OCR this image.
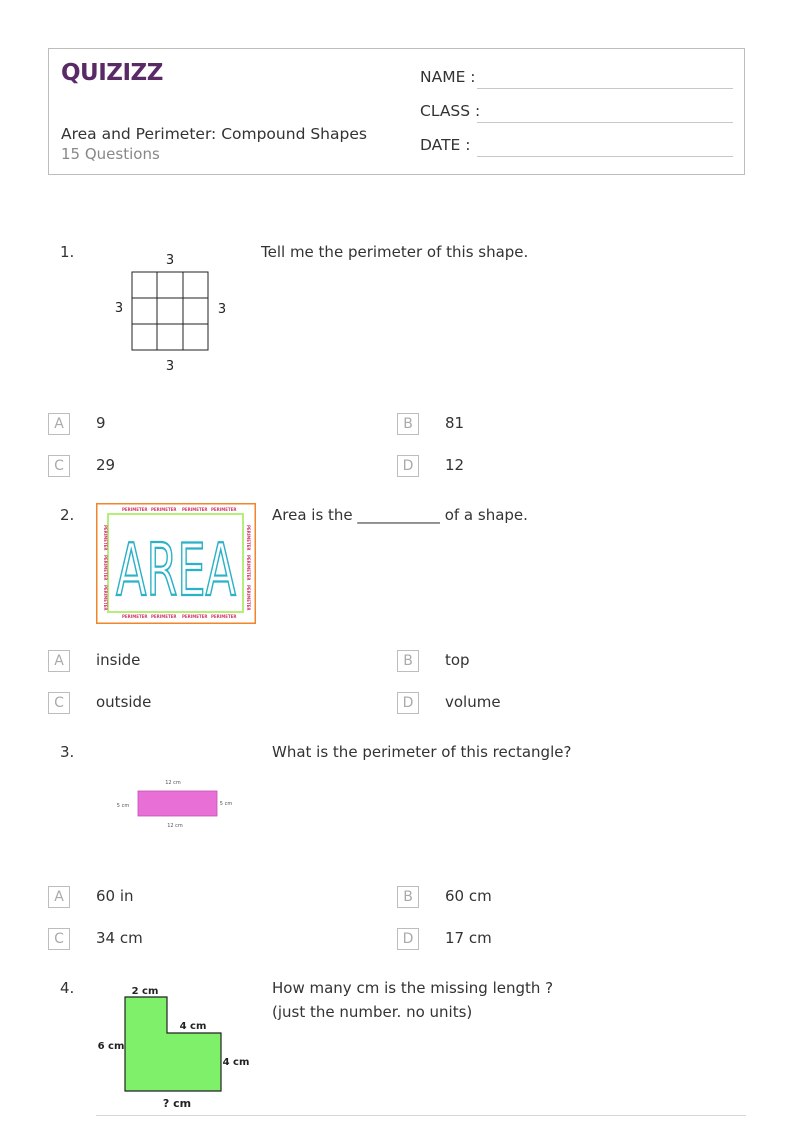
QUIZIZZ
Area and Perimeter: Compound Shapes
15 Questions
NAME :
CLASS :
DATE :
1.	3
3	3
3
Tell me the perimeter of this shape.
A	9	B	81
C	29	D	12
2.
AREA
PERIMETER PERIMETER PERIMETER PERIMETER
PERIMETER PERIMETER PERIMETER PERIMETER
PERIMETER
PERIMETER
PERIMETER
PERIMETER
PERIMETER
PERIMETER
Area is the ___________ of a shape.
A	inside	B	top
C	outside	D	volume
3.
12 cm
5 cm	5 cm
12 cm
What is the perimeter of this rectangle?
A	60 in	B	60 cm
C	34 cm	D	17 cm
4.	2 cm
4 cm
6 cm
4 cm
? cm
How many cm is the missing length ?
(just the number. no units)
